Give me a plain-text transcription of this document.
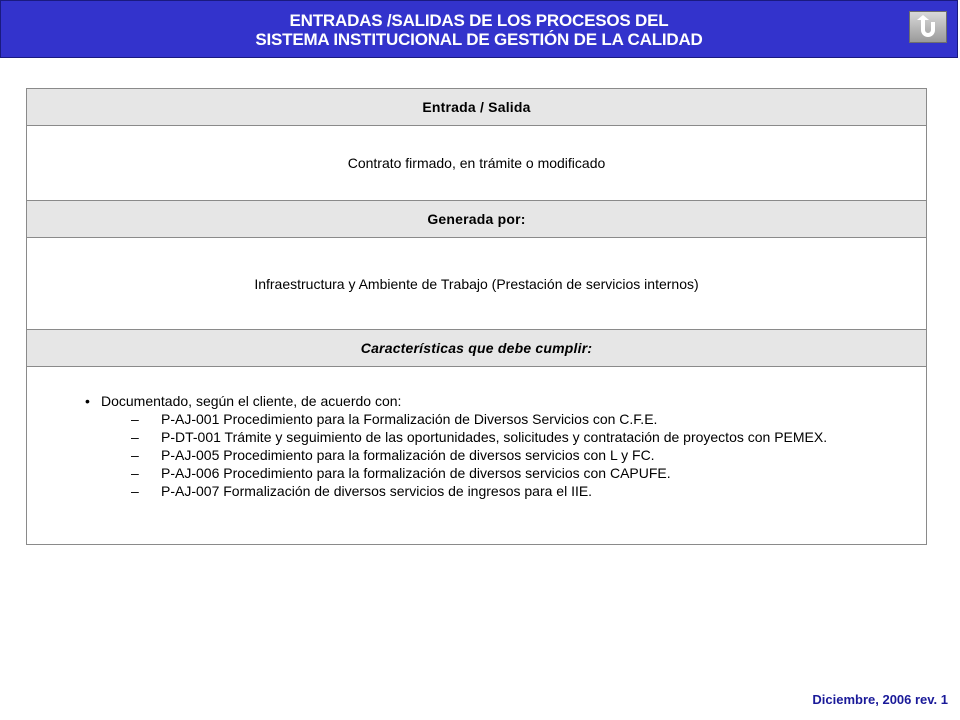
ENTRADAS /SALIDAS DE LOS PROCESOS DEL
SISTEMA INSTITUCIONAL DE GESTIÓN DE LA CALIDAD
Entrada / Salida
Contrato firmado, en trámite o modificado
Generada por:
Infraestructura y Ambiente de Trabajo (Prestación de servicios internos)
Características que debe cumplir:

• Documentado, según el cliente, de acuerdo con:
– P-AJ-001 Procedimiento para la Formalización de Diversos Servicios con C.F.E.
– P-DT-001 Trámite y seguimiento de las oportunidades, solicitudes y contratación de proyectos con PEMEX.
– P-AJ-005 Procedimiento para la formalización de diversos servicios con L y FC.
– P-AJ-006 Procedimiento para la formalización de diversos servicios con CAPUFE.
– P-AJ-007 Formalización de diversos servicios de ingresos para el IIE.
Diciembre, 2006 rev. 1
